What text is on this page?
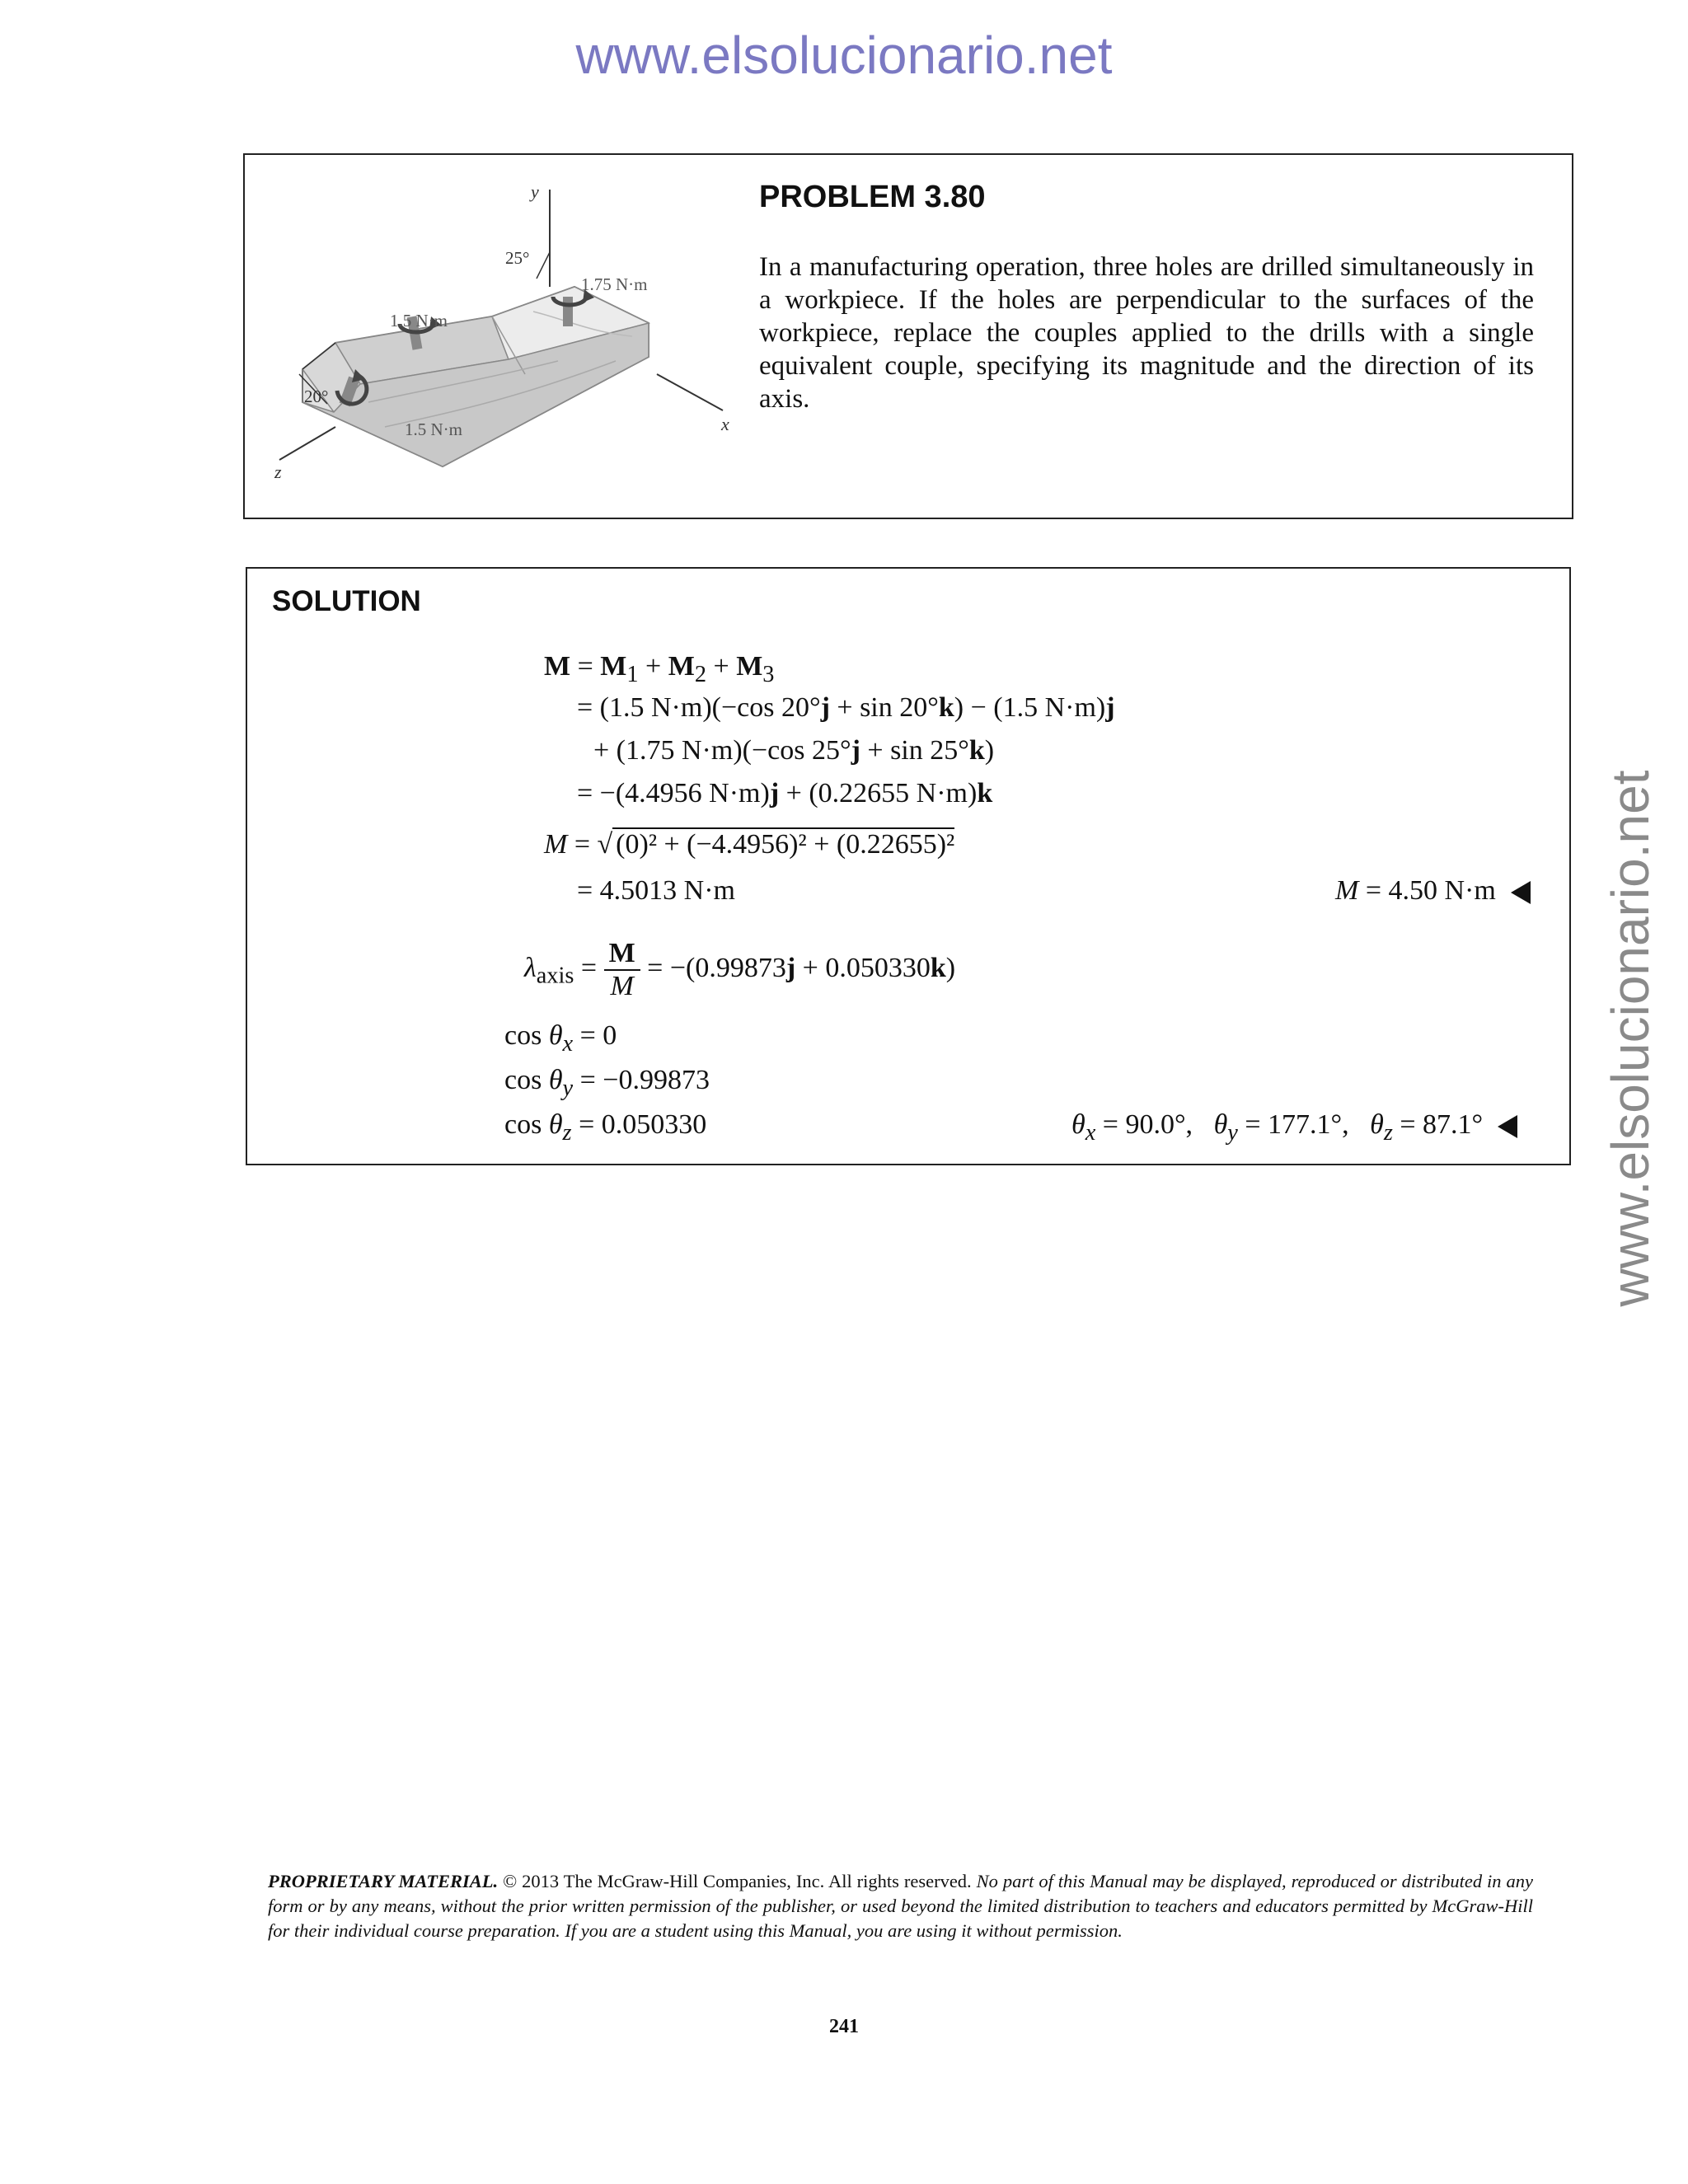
www.elsolucionario.net
www.elsolucionario.net
y
x
z
25°
20°
1.5 N·m
1.5 N·m
1.75 N·m
PROBLEM 3.80
In a manufacturing operation, three holes are drilled simultaneously in a workpiece. If the holes are perpendicular to the surfaces of the workpiece, replace the couples applied to the drills with a single equivalent couple, specifying its magnitude and the direction of its axis.
SOLUTION
$M = M_1 + M_2 + M_3$
= (1.5 N·m)(−cos 20°j + sin 20°k) − (1.5 N·m)j
+ (1.75 N·m)(−cos 25°j + sin 25°k)
= −(4.4956 N·m)j + (0.22655 N·m)k
M = √ (0)² + (−4.4956)² + (0.22655)²
= 4.5013 N·m	M = 4.50 N·m
$\lambda_{axis} = \frac{M}{M} = -(0.99873j + 0.050330k)$
$\cos \theta_x = 0$
$\cos \theta_y = -0.99873$
$\cos \theta_z = 0.050330$	$\theta_x = 90.0^\circ$, $\theta_y = 177.1^\circ$, $\theta_z = 87.1^\circ$
PROPRIETARY MATERIAL. © 2013 The McGraw-Hill Companies, Inc. All rights reserved. No part of this Manual may be displayed, reproduced or distributed in any form or by any means, without the prior written permission of the publisher, or used beyond the limited distribution to teachers and educators permitted by McGraw-Hill for their individual course preparation. If you are a student using this Manual, you are using it without permission.
241
